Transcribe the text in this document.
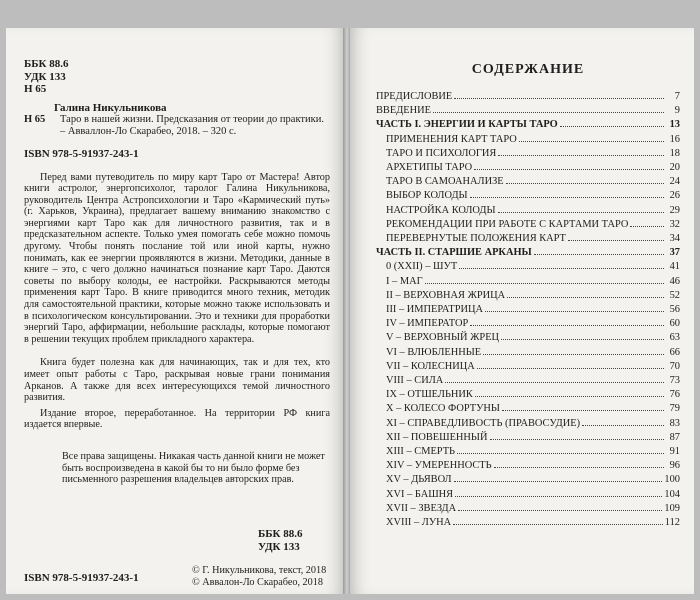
ББК 88.6
УДК 133
Н 65
Н 65
Галина Никульникова
Таро в нашей жизни. Предсказания от теории до практики. – Авваллон-Ло Скарабео, 2018. – 320 с.
ISBN 978-5-91937-243-1

Перед вами путеводитель по миру карт Таро от Мастера! Автор книги астролог, энергопсихолог, таролог Галина Никульникова, руководитель Центра Астропсихологии и Таро «Кармический путь» (г. Харьков, Украина), предлагает вашему вниманию знакомство с энергиями карт Таро как для личностного развития, так и в предсказательном аспекте. Только умея помогать себе можно помочь другому. Чтобы понять послание той или иной карты, нужно понимать, как ее энергии проявляются в жизни. Методики, данные в книге – это, с чего должно начинаться познание карт Таро. Даются советы по выбору колоды, ее настройки. Раскрываются методы применения карт Таро. В книге приводится много техник, методик для самостоятельной практики, которые можно также использовать и в психологическом консультировании. Это и техники для проработки энергий Таро, аффирмации, небольшие расклады, которые помогают в решении текущих проблем прикладного характера.

Книга будет полезна как для начинающих, так и для тех, кто имеет опыт работы с Таро, раскрывая новые грани понимания Арканов. А также для всех интересующихся темой личностного развития.

Издание второе, переработанное. На территории РФ книга издается впервые.

Все права защищены. Никакая часть данной книги не может быть воспроизведена в какой бы то ни было форме без письменного разрешения владельцев авторских прав.
ББК 88.6
УДК 133
ISBN 978-5-91937-243-1
© Г. Никульникова, текст, 2018
© Аввалон-Ло Скарабео, 2018
СОДЕРЖАНИЕ
ПРЕДИСЛОВИЕ	7
ВВЕДЕНИЕ	9
ЧАСТЬ I. ЭНЕРГИИ И КАРТЫ ТАРО	13
ПРИМЕНЕНИЯ КАРТ ТАРО	16
ТАРО И ПСИХОЛОГИЯ	18
АРХЕТИПЫ ТАРО	20
ТАРО В САМОАНАЛИЗЕ	24
ВЫБОР КОЛОДЫ	26
НАСТРОЙКА КОЛОДЫ	29
РЕКОМЕНДАЦИИ ПРИ РАБОТЕ С КАРТАМИ ТАРО	32
ПЕРЕВЕРНУТЫЕ ПОЛОЖЕНИЯ КАРТ	34
ЧАСТЬ II. СТАРШИЕ АРКАНЫ	37
0 (XXII) – ШУТ	41
I – МАГ	46
II – ВЕРХОВНАЯ ЖРИЦА	52
III – ИМПЕРАТРИЦА	56
IV – ИМПЕРАТОР	60
V – ВЕРХОВНЫЙ ЖРЕЦ	63
VI – ВЛЮБЛЕННЫЕ	66
VII – КОЛЕСНИЦА	70
VIII – СИЛА	73
IX – ОТШЕЛЬНИК	76
X – КОЛЕСО ФОРТУНЫ	79
XI – СПРАВЕДЛИВОСТЬ (ПРАВОСУДИЕ)	83
XII – ПОВЕШЕННЫЙ	87
XIII – СМЕРТЬ	91
XIV – УМЕРЕННОСТЬ	96
XV – ДЬЯВОЛ	100
XVI – БАШНЯ	104
XVII – ЗВЕЗДА	109
XVIII – ЛУНА	112
